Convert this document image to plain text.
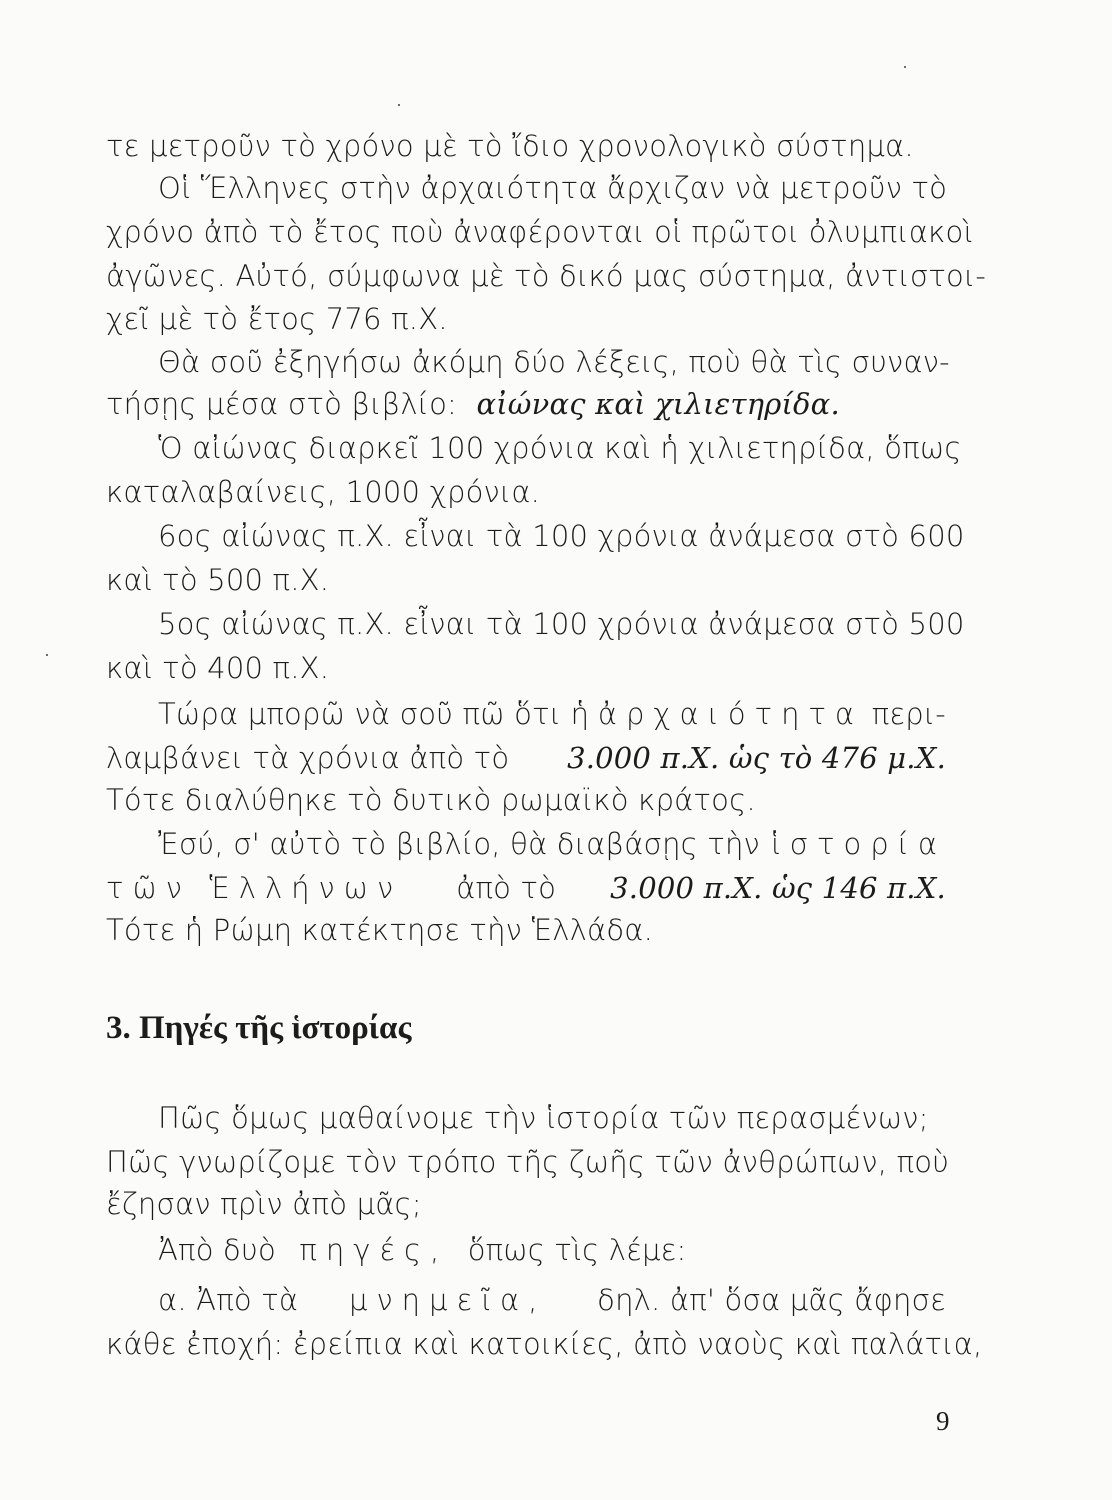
τε μετροῦν τὸ χρόνο μὲ τὸ ἴδιο χρονολογικὸ σύστημα.
Οἱ Ἕλληνες στὴν ἀρχαιότητα ἄρχιζαν νὰ μετροῦν τὸ
χρόνο ἀπὸ τὸ ἔτος ποὺ ἀναφέρονται οἱ πρῶτοι ὀλυμπιακοὶ
ἀγῶνες. Αὐτό, σύμφωνα μὲ τὸ δικό μας σύστημα, ἀντιστοι-
χεῖ μὲ τὸ ἔτος 776 π.Χ.
Θὰ σοῦ ἐξηγήσω ἀκόμη δύο λέξεις, ποὺ θὰ τὶς συναν-
τήσῃς μέσα στὸ βιβλίο: αἰώνας καὶ χιλιετηρίδα.
Ὁ αἰώνας διαρκεῖ 100 χρόνια καὶ ἡ χιλιετηρίδα, ὅπως
καταλαβαίνεις, 1000 χρόνια.
6ος αἰώνας π.Χ. εἶναι τὰ 100 χρόνια ἀνάμεσα στὸ 600
καὶ τὸ 500 π.Χ.
5ος αἰώνας π.Χ. εἶναι τὰ 100 χρόνια ἀνάμεσα στὸ 500
καὶ τὸ 400 π.Χ.
Τώρα μπορῶ νὰ σοῦ πῶ ὅτι ἡ ἀρχαιότητα περι-
λαμβάνει τὰ χρόνια ἀπὸ τὸ 3.000 π.Χ. ὡς τὸ 476 μ.Χ.
Τότε διαλύθηκε τὸ δυτικὸ ρωμαϊκὸ κράτος.
Ἐσύ, σ' αὐτὸ τὸ βιβλίο, θὰ διαβάσῃς τὴν ἱστορία
τῶν Ἑλλήνων ἀπὸ τὸ 3.000 π.Χ. ὡς 146 π.Χ.
Τότε ἡ Ρώμη κατέκτησε τὴν Ἑλλάδα.
3. Πηγές τῆς ἱστορίας
Πῶς ὅμως μαθαίνομε τὴν ἱστορία τῶν περασμένων;
Πῶς γνωρίζομε τὸν τρόπο τῆς ζωῆς τῶν ἀνθρώπων, ποὺ
ἔζησαν πρὶν ἀπὸ μᾶς;
Ἀπὸ δυὸ πηγές, ὅπως τὶς λέμε:
α. Ἀπὸ τὰ μνημεῖα, δηλ. ἀπ' ὅσα μᾶς ἄφησε
κάθε ἐποχή: ἐρείπια καὶ κατοικίες, ἀπὸ ναοὺς καὶ παλάτια,
9
